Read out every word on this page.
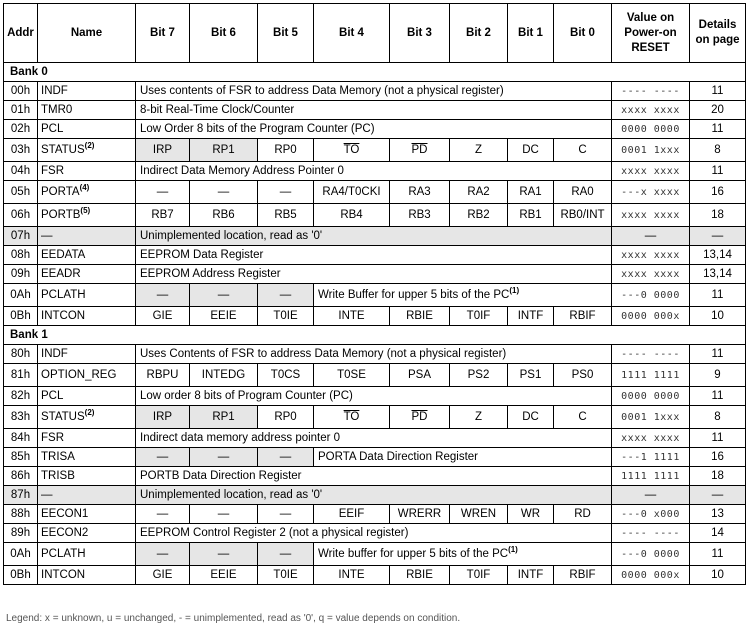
Addr	Name	Bit 7	Bit 6	Bit 5	Bit 4	Bit 3	Bit 2	Bit 1	Bit 0	Value on Power-on RESET	Details on page
Bank 0											
00h	INDF	Uses contents of FSR to address Data Memory (not a physical register)								---- ----	11
01h	TMR0	8-bit Real-Time Clock/Counter								xxxx xxxx	20
02h	PCL	Low Order 8 bits of the Program Counter (PC)								0000 0000	11
03h	STATUS$^{(2)}$	IRP	RP1	RP0	$\overline{TO}$	$\overline{PD}$	Z	DC	C	0001 1xxx	8
04h	FSR	Indirect Data Memory Address Pointer 0								xxxx xxxx	11
05h	PORTA$^{(4)}$	—	—	—	RA4/T0CKI	RA3	RA2	RA1	RA0	---x xxxx	16
06h	PORTB$^{(5)}$	RB7	RB6	RB5	RB4	RB3	RB2	RB1	RB0/INT	xxxx xxxx	18
07h	—	Unimplemented location, read as '0'								—	—
08h	EEDATA	EEPROM Data Register								xxxx xxxx	13,14
09h	EEADR	EEPROM Address Register								xxxx xxxx	13,14
0Ah	PCLATH	—	—	—	Write Buffer for upper 5 bits of the PC$^{(1)}$					---0 0000	11
0Bh	INTCON	GIE	EEIE	T0IE	INTE	RBIE	T0IF	INTF	RBIF	0000 000x	10
Bank 1											
80h	INDF	Uses Contents of FSR to address Data Memory (not a physical register)								---- ----	11
81h	OPTION_REG	RBPU	INTEDG	T0CS	T0SE	PSA	PS2	PS1	PS0	1111 1111	9
82h	PCL	Low order 8 bits of Program Counter (PC)								0000 0000	11
83h	STATUS$^{(2)}$	IRP	RP1	RP0	$\overline{TO}$	$\overline{PD}$	Z	DC	C	0001 1xxx	8
84h	FSR	Indirect data memory address pointer 0								xxxx xxxx	11
85h	TRISA	—	—	—	PORTA Data Direction Register					---1 1111	16
86h	TRISB	PORTB Data Direction Register								1111 1111	18
87h	—	Unimplemented location, read as '0'								—	—
88h	EECON1	—	—	—	EEIF	WRERR	WREN	WR	RD	---0 x000	13
89h	EECON2	EEPROM Control Register 2 (not a physical register)								---- ----	14
0Ah	PCLATH	—	—	—	Write buffer for upper 5 bits of the PC$^{(1)}$					---0 0000	11
0Bh	INTCON	GIE	EEIE	T0IE	INTE	RBIE	T0IF	INTF	RBIF	0000 000x	10
Legend: x = unknown, u = unchanged, - = unimplemented, read as '0', q = value depends on condition.
